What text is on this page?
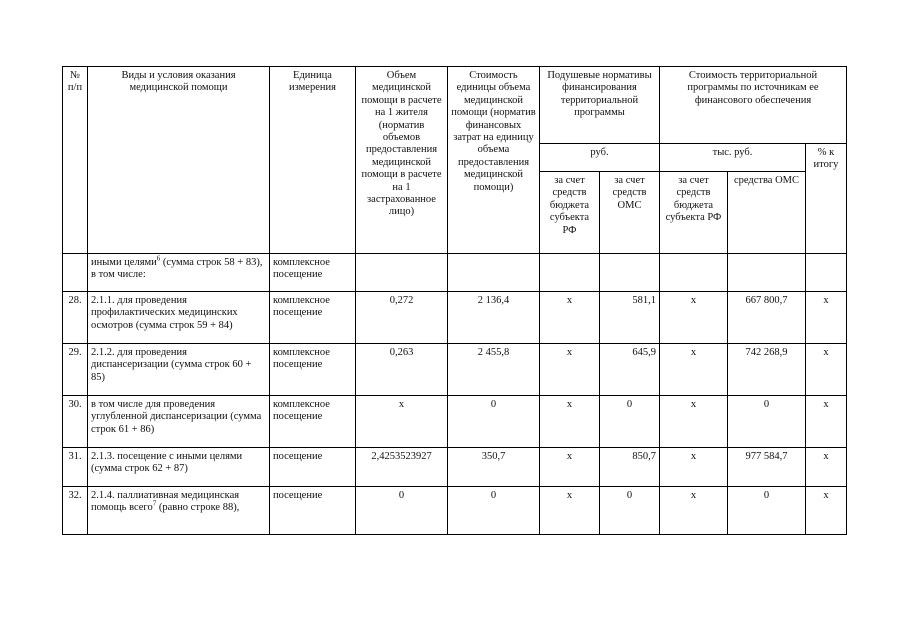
№ п/п	Виды и условия оказания медицинской помощи	Единица измерения	Объем медицинской помощи в расчете на 1 жителя (норматив объемов предоставления медицинской помощи в расчете на 1 застрахованное лицо)	Стоимость единицы объема медицинской помощи (норматив финансовых затрат на единицу объема предоставления медицинской помощи)	Подушевые нормативы финансирования территориальной программы		Стоимость территориальной программы по источникам ее финансового обеспечения		
					руб.		тыс. руб.		% к итогу
					за счет средств бюджета субъекта РФ	за счет средств ОМС	за счет средств бюджета субъекта РФ	средства ОМС	
	иными целями$^6$ (сумма строк 58 + 83), в том числе:	комплексное посещение							
28.	2.1.1. для проведения профилактических медицинских осмотров (сумма строк 59 + 84)	комплексное посещение	0,272	2 136,4	х	581,1	х	667 800,7	х
29.	2.1.2. для проведения диспансеризации (сумма строк 60 + 85)	комплексное посещение	0,263	2 455,8	х	645,9	х	742 268,9	х
30.	в том числе для проведения углубленной диспансеризации (сумма строк 61 + 86)	комплексное посещение	х	0	х	0	х	0	х
31.	2.1.3. посещение с иными целями (сумма строк 62 + 87)	посещение	2,4253523927	350,7	х	850,7	х	977 584,7	х
32.	2.1.4. паллиативная медицинская помощь всего$^7$ (равно строке 88),	посещение	0	0	х	0	х	0	х
